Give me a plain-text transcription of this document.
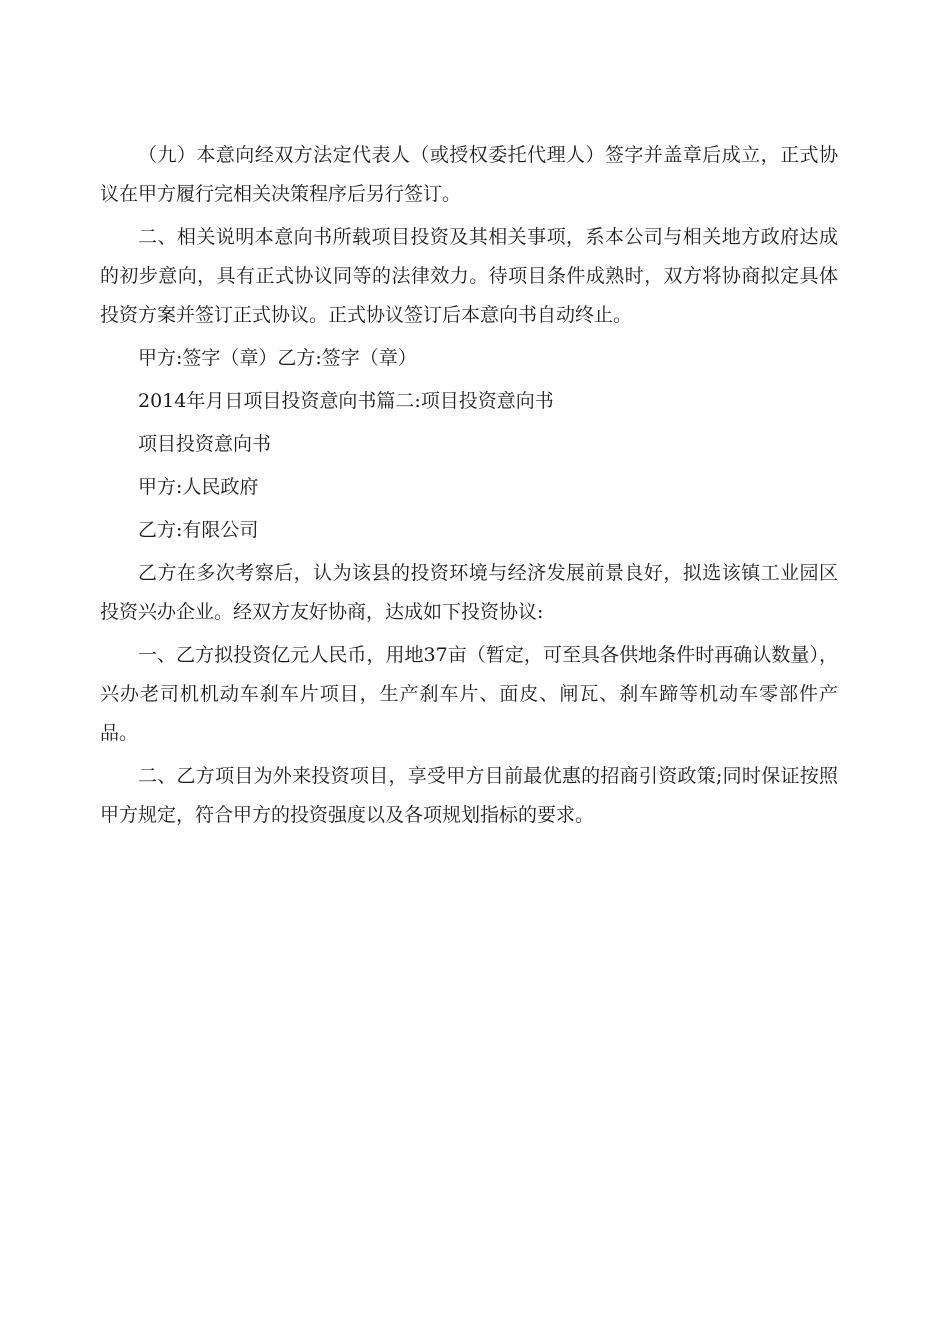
（九）本意向经双方法定代表人（或授权委托代理人）签字并盖章后成立，正式协议在甲方履行完相关决策程序后另行签订。

二、相关说明本意向书所载项目投资及其相关事项，系本公司与相关地方政府达成的初步意向，具有正式协议同等的法律效力。待项目条件成熟时，双方将协商拟定具体投资方案并签订正式协议。正式协议签订后本意向书自动终止。

甲方:签字（章）乙方:签字（章）

2014年月日项目投资意向书篇二:项目投资意向书

项目投资意向书

甲方:人民政府

乙方:有限公司

乙方在多次考察后，认为该县的投资环境与经济发展前景良好，拟选该镇工业园区投资兴办企业。经双方友好协商，达成如下投资协议:

一、乙方拟投资亿元人民币，用地37亩（暂定，可至具各供地条件时再确认数量），兴办老司机机动车刹车片项目，生产刹车片、面皮、闸瓦、刹车蹄等机动车零部件产品。

二、乙方项目为外来投资项目，享受甲方目前最优惠的招商引资政策;同时保证按照甲方规定，符合甲方的投资强度以及各项规划指标的要求。
